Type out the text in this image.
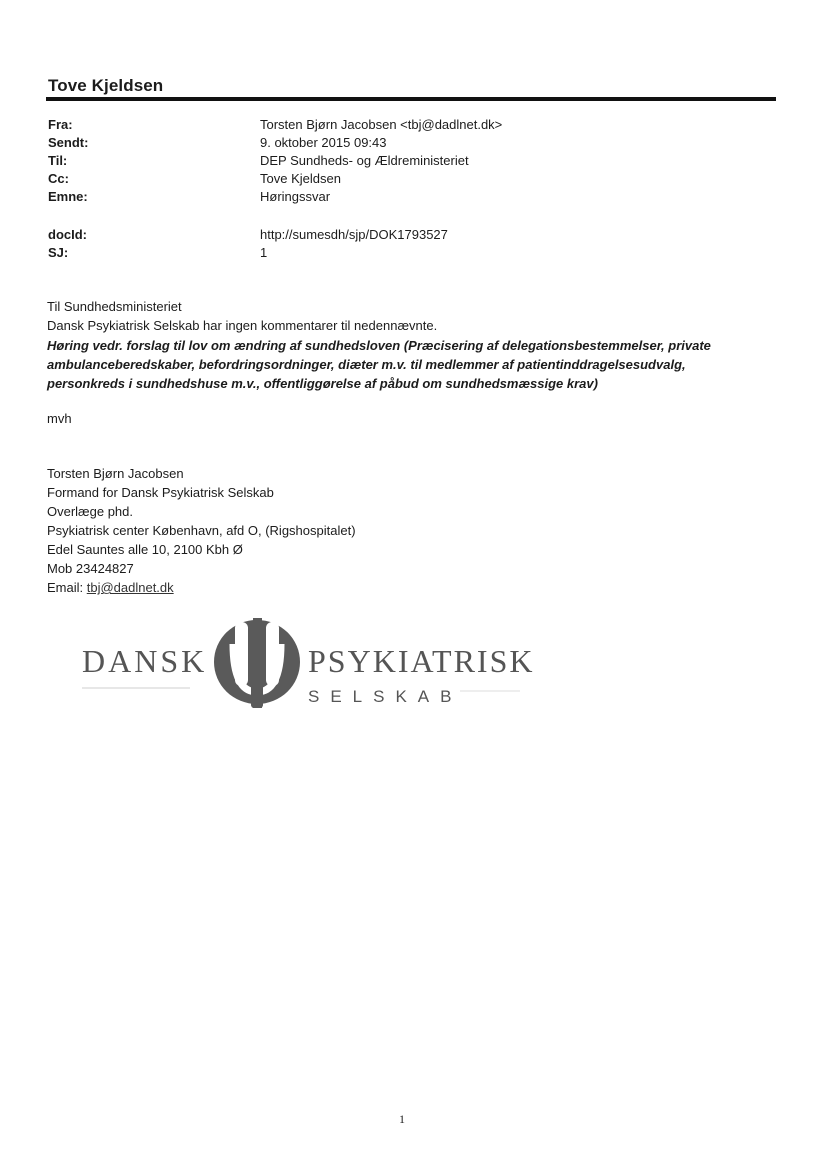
Tove Kjeldsen
Fra:	Torsten Bjørn Jacobsen <tbj@dadlnet.dk>
Sendt:	9. oktober 2015 09:43
Til:	DEP Sundheds- og Ældreministeriet
Cc:	Tove Kjeldsen
Emne:	Høringssvar
docId:	http://sumesdh/sjp/DOK1793527
SJ:	1
Til Sundhedsministeriet
Dansk Psykiatrisk Selskab har ingen kommentarer til nedennævnte.
Høring vedr. forslag til lov om ændring af sundhedsloven (Præcisering af delegationsbestemmelser, private
ambulanceberedskaber, befordringsordninger, diæter m.v. til medlemmer af patientinddragelsesudvalg,
personkreds i sundhedshuse m.v., offentliggørelse af påbud om sundhedsmæssige krav)
mvh
Torsten Bjørn Jacobsen
Formand for Dansk Psykiatrisk Selskab
Overlæge phd.
Psykiatrisk center København, afd O, (Rigshospitalet)
Edel Sauntes alle 10, 2100 Kbh Ø
Mob 23424827
Email: tbj@dadlnet.dk
DANSK	PSYKIATRISK
SELSKAB
1
